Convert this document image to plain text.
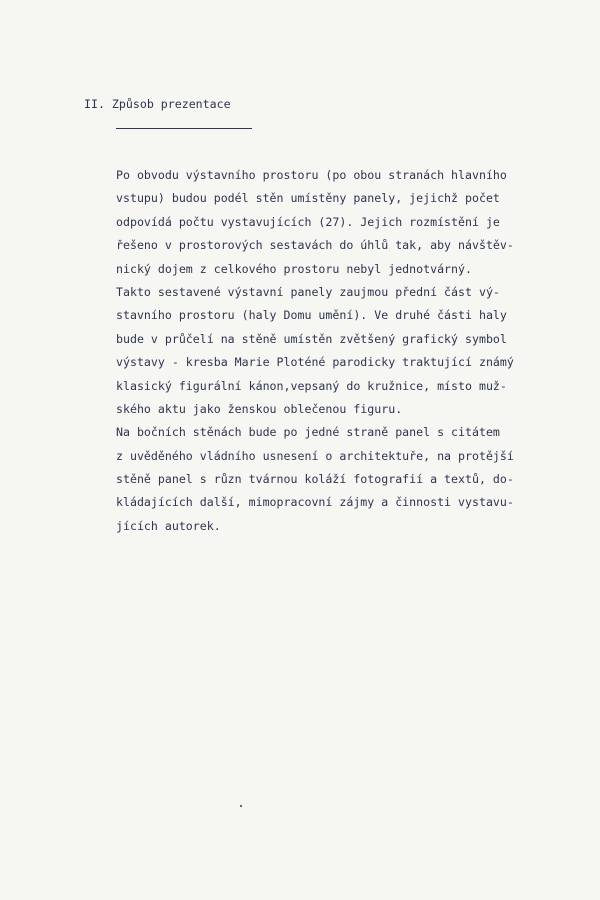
II. Způsob prezentace
Po obvodu výstavního prostoru (po obou stranách hlavního
vstupu) budou podél stěn umístěny panely, jejichž počet
odpovídá počtu vystavujících (27). Jejich rozmístění je
řešeno v prostorových sestavách do úhlů tak, aby návštěv-
nický dojem z celkového prostoru nebyl jednotvárný.
Takto sestavené výstavní panely zaujmou přední část vý-
stavního prostoru (haly Domu umění). Ve druhé části haly
bude v průčelí na stěně umístěn zvětšený grafický symbol
výstavy - kresba Marie Ploténé parodicky traktující známý
klasický figurální kánon,vepsaný do kružnice, místo muž-
ského aktu jako ženskou oblečenou figuru.
Na bočních stěnách bude po jedné straně panel s citátem
z uvěděného vládního usnesení o architektuře, na protější
stěně panel s různ tvárnou koláží fotografií a textů, do-
kládajících další, mimopracovní zájmy a činnosti vystavu-
jících autorek.
